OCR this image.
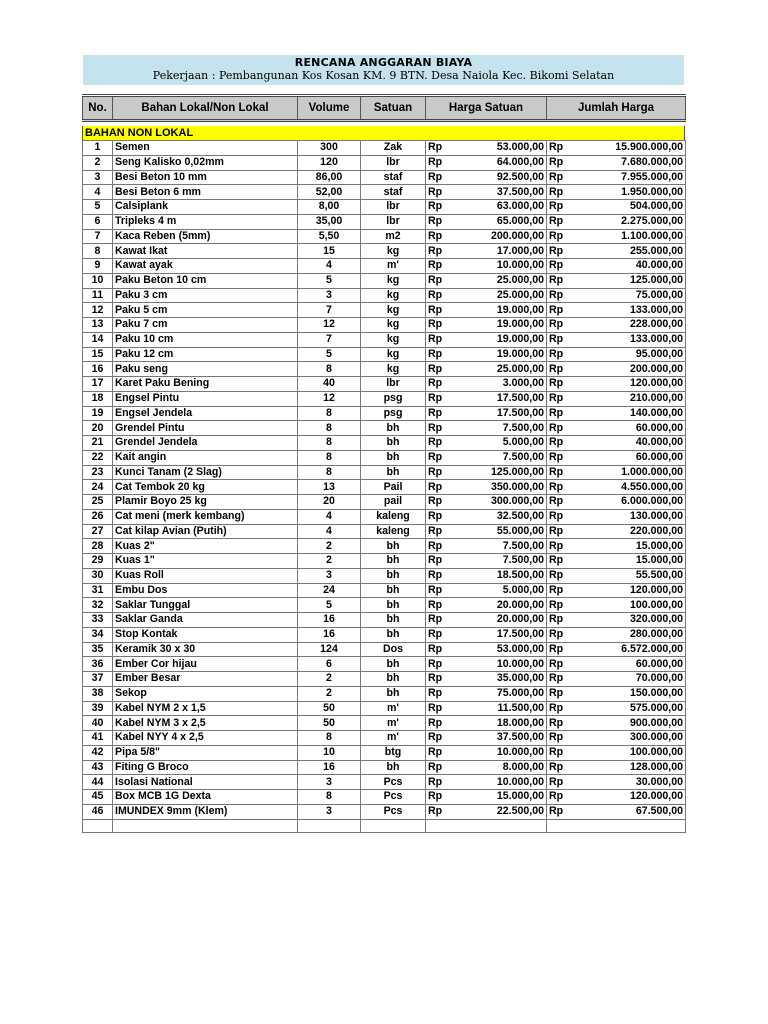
RENCANA ANGGARAN BIAYA
Pekerjaan : Pembangunan Kos Kosan KM. 9 BTN. Desa Naiola Kec. Bikomi Selatan
No.	Bahan Lokal/Non Lokal	Volume	Satuan	Harga Satuan	Jumlah Harga
BAHAN NON LOKAL
1	Semen	300	Zak	Rp	53.000,00	Rp	15.900.000,00
2	Seng Kalisko 0,02mm	120	lbr	Rp	64.000,00	Rp	7.680.000,00
3	Besi Beton 10 mm	86,00	staf	Rp	92.500,00	Rp	7.955.000,00
4	Besi Beton 6 mm	52,00	staf	Rp	37.500,00	Rp	1.950.000,00
5	Calsiplank	8,00	lbr	Rp	63.000,00	Rp	504.000,00
6	Tripleks 4 m	35,00	lbr	Rp	65.000,00	Rp	2.275.000,00
7	Kaca Reben (5mm)	5,50	m2	Rp	200.000,00	Rp	1.100.000,00
8	Kawat Ikat	15	kg	Rp	17.000,00	Rp	255.000,00
9	Kawat ayak	4	m'	Rp	10.000,00	Rp	40.000,00
10	Paku Beton 10 cm	5	kg	Rp	25.000,00	Rp	125.000,00
11	Paku 3 cm	3	kg	Rp	25.000,00	Rp	75.000,00
12	Paku 5 cm	7	kg	Rp	19.000,00	Rp	133.000,00
13	Paku 7 cm	12	kg	Rp	19.000,00	Rp	228.000,00
14	Paku 10 cm	7	kg	Rp	19.000,00	Rp	133.000,00
15	Paku 12 cm	5	kg	Rp	19.000,00	Rp	95.000,00
16	Paku seng	8	kg	Rp	25.000,00	Rp	200.000,00
17	Karet Paku Bening	40	lbr	Rp	3.000,00	Rp	120.000,00
18	Engsel Pintu	12	psg	Rp	17.500,00	Rp	210.000,00
19	Engsel Jendela	8	psg	Rp	17.500,00	Rp	140.000,00
20	Grendel Pintu	8	bh	Rp	7.500,00	Rp	60.000,00
21	Grendel Jendela	8	bh	Rp	5.000,00	Rp	40.000,00
22	Kait angin	8	bh	Rp	7.500,00	Rp	60.000,00
23	Kunci Tanam (2 Slag)	8	bh	Rp	125.000,00	Rp	1.000.000,00
24	Cat Tembok 20 kg	13	Pail	Rp	350.000,00	Rp	4.550.000,00
25	Plamir Boyo 25 kg	20	pail	Rp	300.000,00	Rp	6.000.000,00
26	Cat meni (merk kembang)	4	kaleng	Rp	32.500,00	Rp	130.000,00
27	Cat kilap Avian (Putih)	4	kaleng	Rp	55.000,00	Rp	220.000,00
28	Kuas 2"	2	bh	Rp	7.500,00	Rp	15.000,00
29	Kuas 1"	2	bh	Rp	7.500,00	Rp	15.000,00
30	Kuas Roll	3	bh	Rp	18.500,00	Rp	55.500,00
31	Embu Dos	24	bh	Rp	5.000,00	Rp	120.000,00
32	Saklar Tunggal	5	bh	Rp	20.000,00	Rp	100.000,00
33	Saklar Ganda	16	bh	Rp	20.000,00	Rp	320.000,00
34	Stop Kontak	16	bh	Rp	17.500,00	Rp	280.000,00
35	Keramik 30 x 30	124	Dos	Rp	53.000,00	Rp	6.572.000,00
36	Ember Cor hijau	6	bh	Rp	10.000,00	Rp	60.000,00
37	Ember Besar	2	bh	Rp	35.000,00	Rp	70.000,00
38	Sekop	2	bh	Rp	75.000,00	Rp	150.000,00
39	Kabel NYM 2 x 1,5	50	m'	Rp	11.500,00	Rp	575.000,00
40	Kabel NYM 3 x 2,5	50	m'	Rp	18.000,00	Rp	900.000,00
41	Kabel NYY 4 x 2,5	8	m'	Rp	37.500,00	Rp	300.000,00
42	Pipa 5/8"	10	btg	Rp	10.000,00	Rp	100.000,00
43	Fiting G Broco	16	bh	Rp	8.000,00	Rp	128.000,00
44	Isolasi National	3	Pcs	Rp	10.000,00	Rp	30.000,00
45	Box MCB 1G Dexta	8	Pcs	Rp	15.000,00	Rp	120.000,00
46	IMUNDEX 9mm (Klem)	3	Pcs	Rp	22.500,00	Rp	67.500,00
